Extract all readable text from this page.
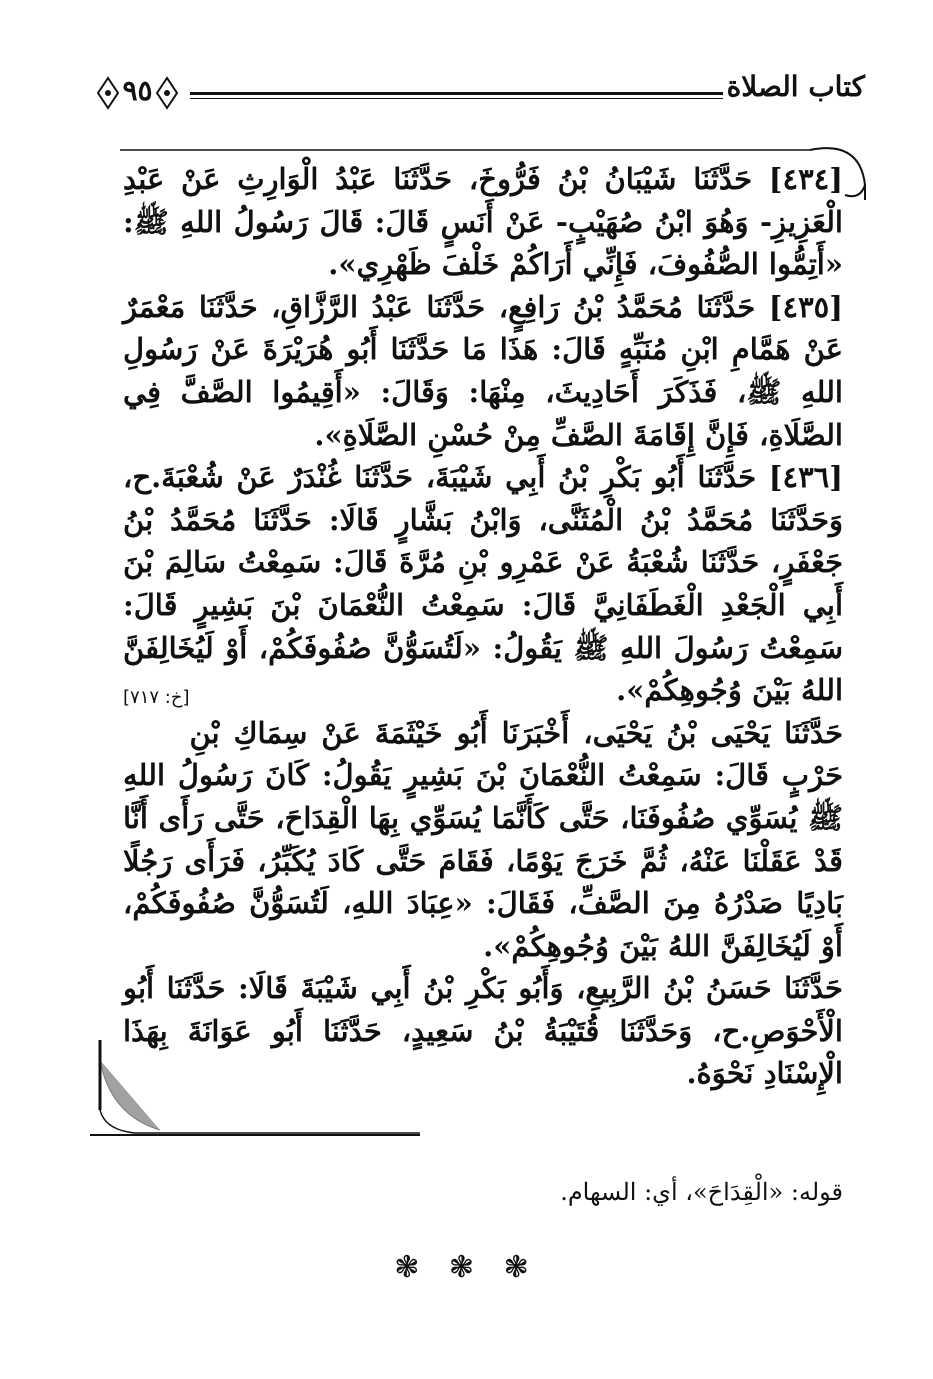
كتاب الصلاة
٩٥

[٤٣٤] حَدَّثَنَا شَيْبَانُ بْنُ فَرُّوخَ، حَدَّثَنَا عَبْدُ الْوَارِثِ عَنْ عَبْدِ الْعَزِيزِ- وَهُوَ ابْنُ صُهَيْبٍ- عَنْ أَنَسٍ قَالَ: قَالَ رَسُولُ اللهِ ﷺ: «أَتِمُّوا الصُّفُوفَ، فَإِنِّي أَرَاكُمْ خَلْفَ ظَهْرِي».

[٤٣٥] حَدَّثَنَا مُحَمَّدُ بْنُ رَافِعٍ، حَدَّثَنَا عَبْدُ الرَّزَّاقِ، حَدَّثَنَا مَعْمَرٌ عَنْ هَمَّامِ ابْنِ مُنَبِّهٍ قَالَ: هَذَا مَا حَدَّثَنَا أَبُو هُرَيْرَةَ عَنْ رَسُولِ اللهِ ﷺ، فَذَكَرَ أَحَادِيثَ، مِنْهَا: وَقَالَ: «أَقِيمُوا الصَّفَّ فِي الصَّلَاةِ، فَإِنَّ إِقَامَةَ الصَّفِّ مِنْ حُسْنِ الصَّلَاةِ».

[٤٣٦] حَدَّثَنَا أَبُو بَكْرِ بْنُ أَبِي شَيْبَةَ، حَدَّثَنَا غُنْدَرٌ عَنْ شُعْبَةَ.ح، وَحَدَّثَنَا مُحَمَّدُ بْنُ الْمُثَنَّى، وَابْنُ بَشَّارٍ قَالَا: حَدَّثَنَا مُحَمَّدُ بْنُ جَعْفَرٍ، حَدَّثَنَا شُعْبَةُ عَنْ عَمْرِو بْنِ مُرَّةَ قَالَ: سَمِعْتُ سَالِمَ بْنَ أَبِي الْجَعْدِ الْغَطَفَانِيَّ قَالَ: سَمِعْتُ النُّعْمَانَ بْنَ بَشِيرٍ قَالَ: سَمِعْتُ رَسُولَ اللهِ ﷺ يَقُولُ: «لَتُسَوُّنَّ صُفُوفَكُمْ، أَوْ لَيُخَالِفَنَّ اللهُ بَيْنَ وُجُوهِكُمْ».
[خ: ٧١٧]

حَدَّثَنَا يَحْيَى بْنُ يَحْيَى، أَخْبَرَنَا أَبُو خَيْثَمَةَ عَنْ سِمَاكِ بْنِ حَرْبٍ قَالَ: سَمِعْتُ النُّعْمَانَ بْنَ بَشِيرٍ يَقُولُ: كَانَ رَسُولُ اللهِ ﷺ يُسَوِّي صُفُوفَنَا، حَتَّى كَأَنَّمَا يُسَوِّي بِهَا الْقِدَاحَ، حَتَّى رَأَى أَنَّا قَدْ عَقَلْنَا عَنْهُ، ثُمَّ خَرَجَ يَوْمًا، فَقَامَ حَتَّى كَادَ يُكَبِّرُ، فَرَأَى رَجُلًا بَادِيًا صَدْرُهُ مِنَ الصَّفِّ، فَقَالَ: «عِبَادَ اللهِ، لَتُسَوُّنَّ صُفُوفَكُمْ، أَوْ لَيُخَالِفَنَّ اللهُ بَيْنَ وُجُوهِكُمْ».

حَدَّثَنَا حَسَنُ بْنُ الرَّبِيعِ، وَأَبُو بَكْرِ بْنُ أَبِي شَيْبَةَ قَالَا: حَدَّثَنَا أَبُو الْأَحْوَصِ.ح، وَحَدَّثَنَا قُتَيْبَةُ بْنُ سَعِيدٍ، حَدَّثَنَا أَبُو عَوَانَةَ بِهَذَا الْإِسْنَادِ نَحْوَهُ.

قوله: «الْقِدَاحَ»، أي: السهام.
❃ ❃ ❃
